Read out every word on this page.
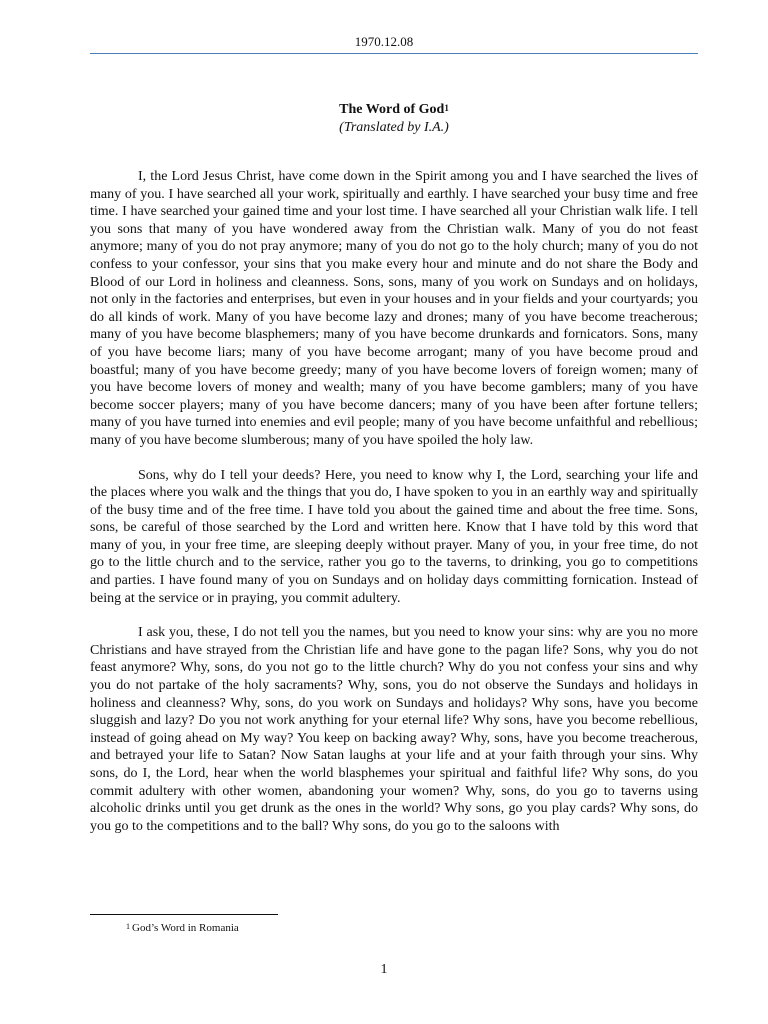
1970.12.08
The Word of God$^1$
(Translated by I.A.)

I, the Lord Jesus Christ, have come down in the Spirit among you and I have searched the lives of many of you. I have searched all your work, spiritually and earthly. I have searched your busy time and free time. I have searched your gained time and your lost time. I have searched all your Christian walk life. I tell you sons that many of you have wondered away from the Christian walk. Many of you do not feast anymore; many of you do not pray anymore; many of you do not go to the holy church; many of you do not confess to your confessor, your sins that you make every hour and minute and do not share the Body and Blood of our Lord in holiness and cleanness. Sons, sons, many of you work on Sundays and on holidays, not only in the factories and enterprises, but even in your houses and in your fields and your courtyards; you do all kinds of work. Many of you have become lazy and drones; many of you have become treacherous; many of you have become blasphemers; many of you have become drunkards and fornicators. Sons, many of you have become liars; many of you have become arrogant; many of you have become proud and boastful; many of you have become greedy; many of you have become lovers of foreign women; many of you have become lovers of money and wealth; many of you have become gamblers; many of you have become soccer players; many of you have become dancers; many of you have been after fortune tellers; many of you have turned into enemies and evil people; many of you have become unfaithful and rebellious; many of you have become slumberous; many of you have spoiled the holy law.

Sons, why do I tell your deeds? Here, you need to know why I, the Lord, searching your life and the places where you walk and the things that you do, I have spoken to you in an earthly way and spiritually of the busy time and of the free time. I have told you about the gained time and about the free time. Sons, sons, be careful of those searched by the Lord and written here. Know that I have told by this word that many of you, in your free time, are sleeping deeply without prayer. Many of you, in your free time, do not go to the little church and to the service, rather you go to the taverns, to drinking, you go to competitions and parties. I have found many of you on Sundays and on holiday days committing fornication. Instead of being at the service or in praying, you commit adultery.

I ask you, these, I do not tell you the names, but you need to know your sins: why are you no more Christians and have strayed from the Christian life and have gone to the pagan life? Sons, why you do not feast anymore? Why, sons, do you not go to the little church? Why do you not confess your sins and why you do not partake of the holy sacraments? Why, sons, you do not observe the Sundays and holidays in holiness and cleanness? Why, sons, do you work on Sundays and holidays? Why sons, have you become sluggish and lazy? Do you not work anything for your eternal life? Why sons, have you become rebellious, instead of going ahead on My way? You keep on backing away? Why, sons, have you become treacherous, and betrayed your life to Satan? Now Satan laughs at your life and at your faith through your sins. Why sons, do I, the Lord, hear when the world blasphemes your spiritual and faithful life? Why sons, do you commit adultery with other women, abandoning your women? Why, sons, do you go to taverns using alcoholic drinks until you get drunk as the ones in the world? Why sons, go you play cards? Why sons, do you go to the competitions and to the ball? Why sons, do you go to the saloons with

$^1$ God’s Word in Romania
1
